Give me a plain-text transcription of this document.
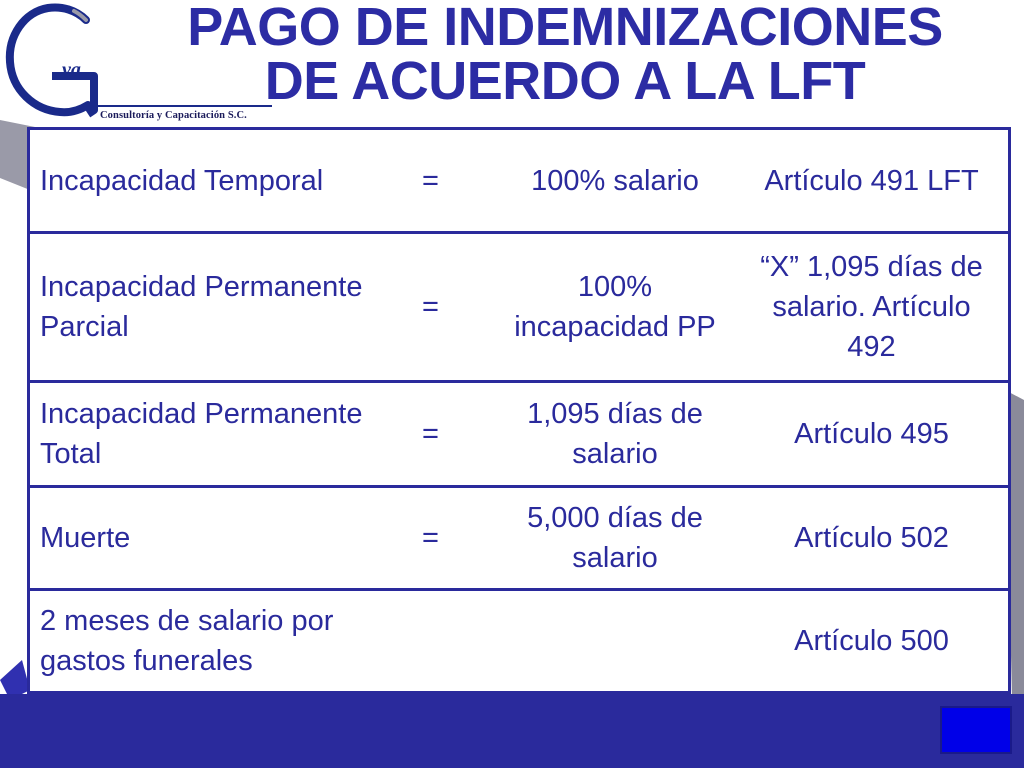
va
Consultoría y Capacitación S.C.
PAGO DE INDEMNIZACIONES
DE ACUERDO A LA LFT
Incapacidad Temporal	=	100% salario	Artículo 491 LFT
Incapacidad Permanente Parcial	=	100% incapacidad PP	“X” 1,095 días de salario. Artículo 492
Incapacidad Permanente Total	=	1,095 días de salario	Artículo 495
Muerte	=	5,000 días de salario	Artículo 502
2 meses de salario por gastos funerales			Artículo 500
